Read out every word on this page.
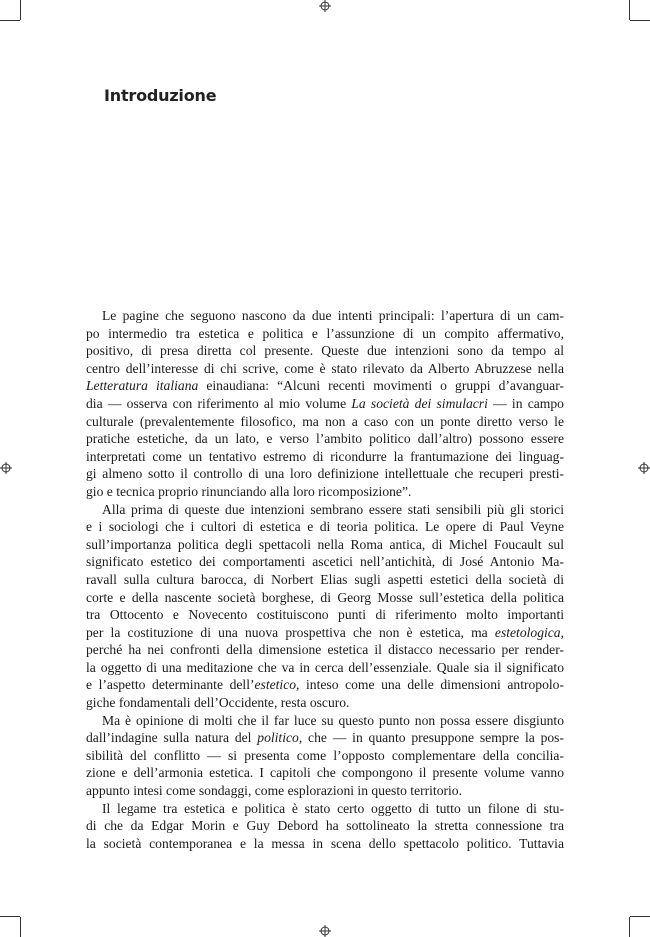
Introduzione
Le pagine che seguono nascono da due intenti principali: l’apertura di un cam-
po intermedio tra estetica e politica e l’assunzione di un compito affermativo,
positivo, di presa diretta col presente. Queste due intenzioni sono da tempo al
centro dell’interesse di chi scrive, come è stato rilevato da Alberto Abruzzese nella
Letteratura italiana einaudiana: “Alcuni recenti movimenti o gruppi d’avanguar-
dia — osserva con riferimento al mio volume La società dei simulacri — in campo
culturale (prevalentemente filosofico, ma non a caso con un ponte diretto verso le
pratiche estetiche, da un lato, e verso l’ambito politico dall’altro) possono essere
interpretati come un tentativo estremo di ricondurre la frantumazione dei linguag-
gi almeno sotto il controllo di una loro definizione intellettuale che recuperi presti-
gio e tecnica proprio rinunciando alla loro ricomposizione”.
Alla prima di queste due intenzioni sembrano essere stati sensibili più gli storici
e i sociologi che i cultori di estetica e di teoria politica. Le opere di Paul Veyne
sull’importanza politica degli spettacoli nella Roma antica, di Michel Foucault sul
significato estetico dei comportamenti ascetici nell’antichità, di José Antonio Ma-
ravall sulla cultura barocca, di Norbert Elias sugli aspetti estetici della società di
corte e della nascente società borghese, di Georg Mosse sull’estetica della politica
tra Ottocento e Novecento costituiscono punti di riferimento molto importanti
per la costituzione di una nuova prospettiva che non è estetica, ma estetologica,
perché ha nei confronti della dimensione estetica il distacco necessario per render-
la oggetto di una meditazione che va in cerca dell’essenziale. Quale sia il significato
e l’aspetto determinante dell’estetico, inteso come una delle dimensioni antropolo-
giche fondamentali dell’Occidente, resta oscuro.
Ma è opinione di molti che il far luce su questo punto non possa essere disgiunto
dall’indagine sulla natura del politico, che — in quanto presuppone sempre la pos-
sibilità del conflitto — si presenta come l’opposto complementare della concilia-
zione e dell’armonia estetica. I capitoli che compongono il presente volume vanno
appunto intesi come sondaggi, come esplorazioni in questo territorio.
Il legame tra estetica e politica è stato certo oggetto di tutto un filone di stu-
di che da Edgar Morin e Guy Debord ha sottolineato la stretta connessione tra
la società contemporanea e la messa in scena dello spettacolo politico. Tuttavia
